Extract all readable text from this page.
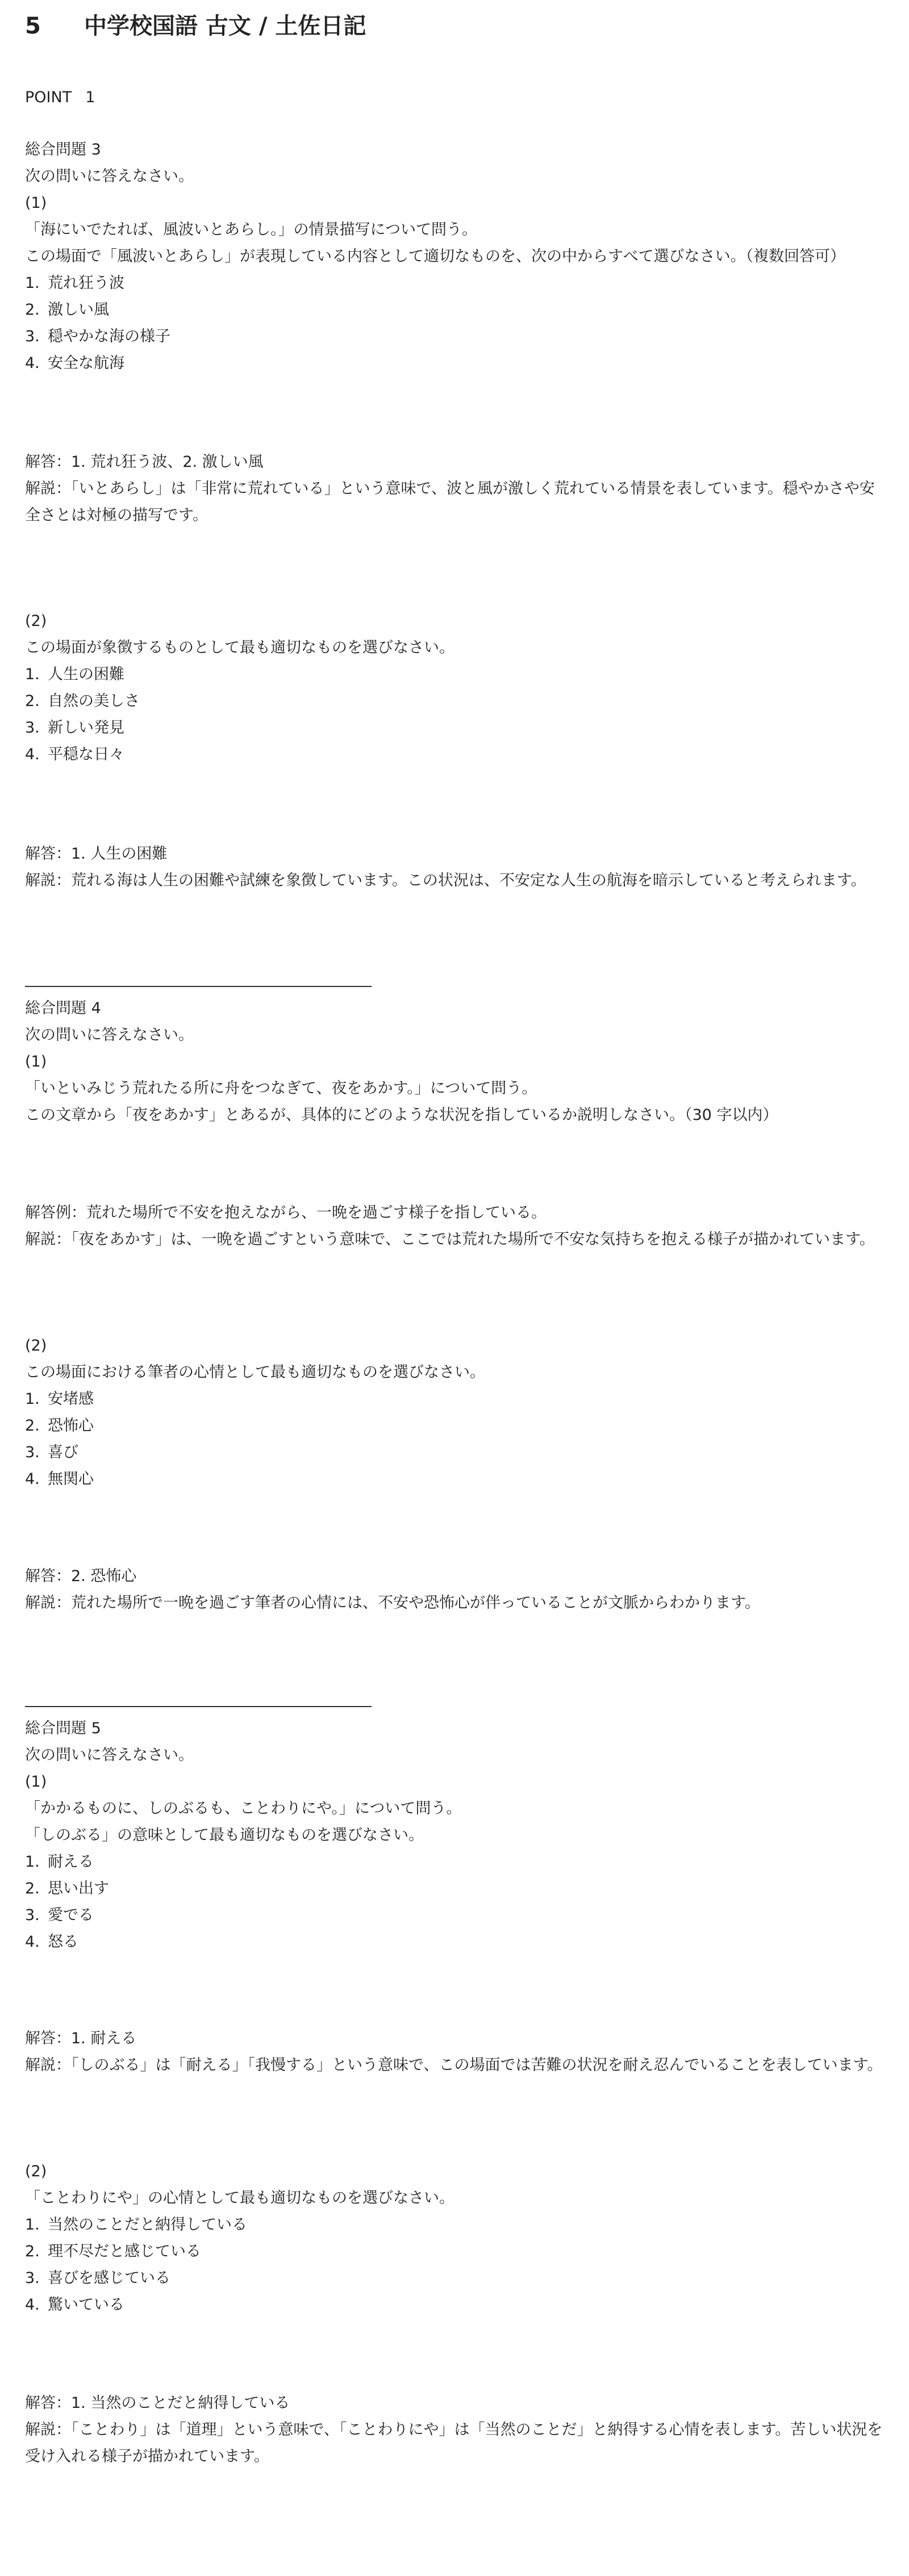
5 中学校国語 古文 / 土佐日記
POINT 1

総合問題 3

次の問いに答えなさい。

(1)

「海にいでたれば、風波いとあらし。」の情景描写について問う。

この場面で「風波いとあらし」が表現している内容として適切なものを、次の中からすべて選びなさい。（複数回答可）

1. 荒れ狂う波
2. 激しい風
3. 穏やかな海の様子
4. 安全な航海

解答：1. 荒れ狂う波、2. 激しい風

解説：「いとあらし」は「非常に荒れている」という意味で、波と風が激しく荒れている情景を表しています。穏やかさや安全さとは対極の描写です。

(2)

この場面が象徴するものとして最も適切なものを選びなさい。

1. 人生の困難
2. 自然の美しさ
3. 新しい発見
4. 平穏な日々

解答：1. 人生の困難

解説：荒れる海は人生の困難や試練を象徴しています。この状況は、不安定な人生の航海を暗示していると考えられます。

総合問題 4

次の問いに答えなさい。

(1)

「いといみじう荒れたる所に舟をつなぎて、夜をあかす。」について問う。

この文章から「夜をあかす」とあるが、具体的にどのような状況を指しているか説明しなさい。（30 字以内）

解答例：荒れた場所で不安を抱えながら、一晩を過ごす様子を指している。

解説：「夜をあかす」は、一晩を過ごすという意味で、ここでは荒れた場所で不安な気持ちを抱える様子が描かれています。

(2)

この場面における筆者の心情として最も適切なものを選びなさい。

1. 安堵感
2. 恐怖心
3. 喜び
4. 無関心

解答：2. 恐怖心

解説：荒れた場所で一晩を過ごす筆者の心情には、不安や恐怖心が伴っていることが文脈からわかります。

総合問題 5

次の問いに答えなさい。

(1)

「かかるものに、しのぶるも、ことわりにや。」について問う。

「しのぶる」の意味として最も適切なものを選びなさい。

1. 耐える
2. 思い出す
3. 愛でる
4. 怒る

解答：1. 耐える

解説：「しのぶる」は「耐える」「我慢する」という意味で、この場面では苦難の状況を耐え忍んでいることを表しています。

(2)

「ことわりにや」の心情として最も適切なものを選びなさい。

1. 当然のことだと納得している
2. 理不尽だと感じている
3. 喜びを感じている
4. 驚いている

解答：1. 当然のことだと納得している

解説：「ことわり」は「道理」という意味で、「ことわりにや」は「当然のことだ」と納得する心情を表します。苦しい状況を受け入れる様子が描かれています。
